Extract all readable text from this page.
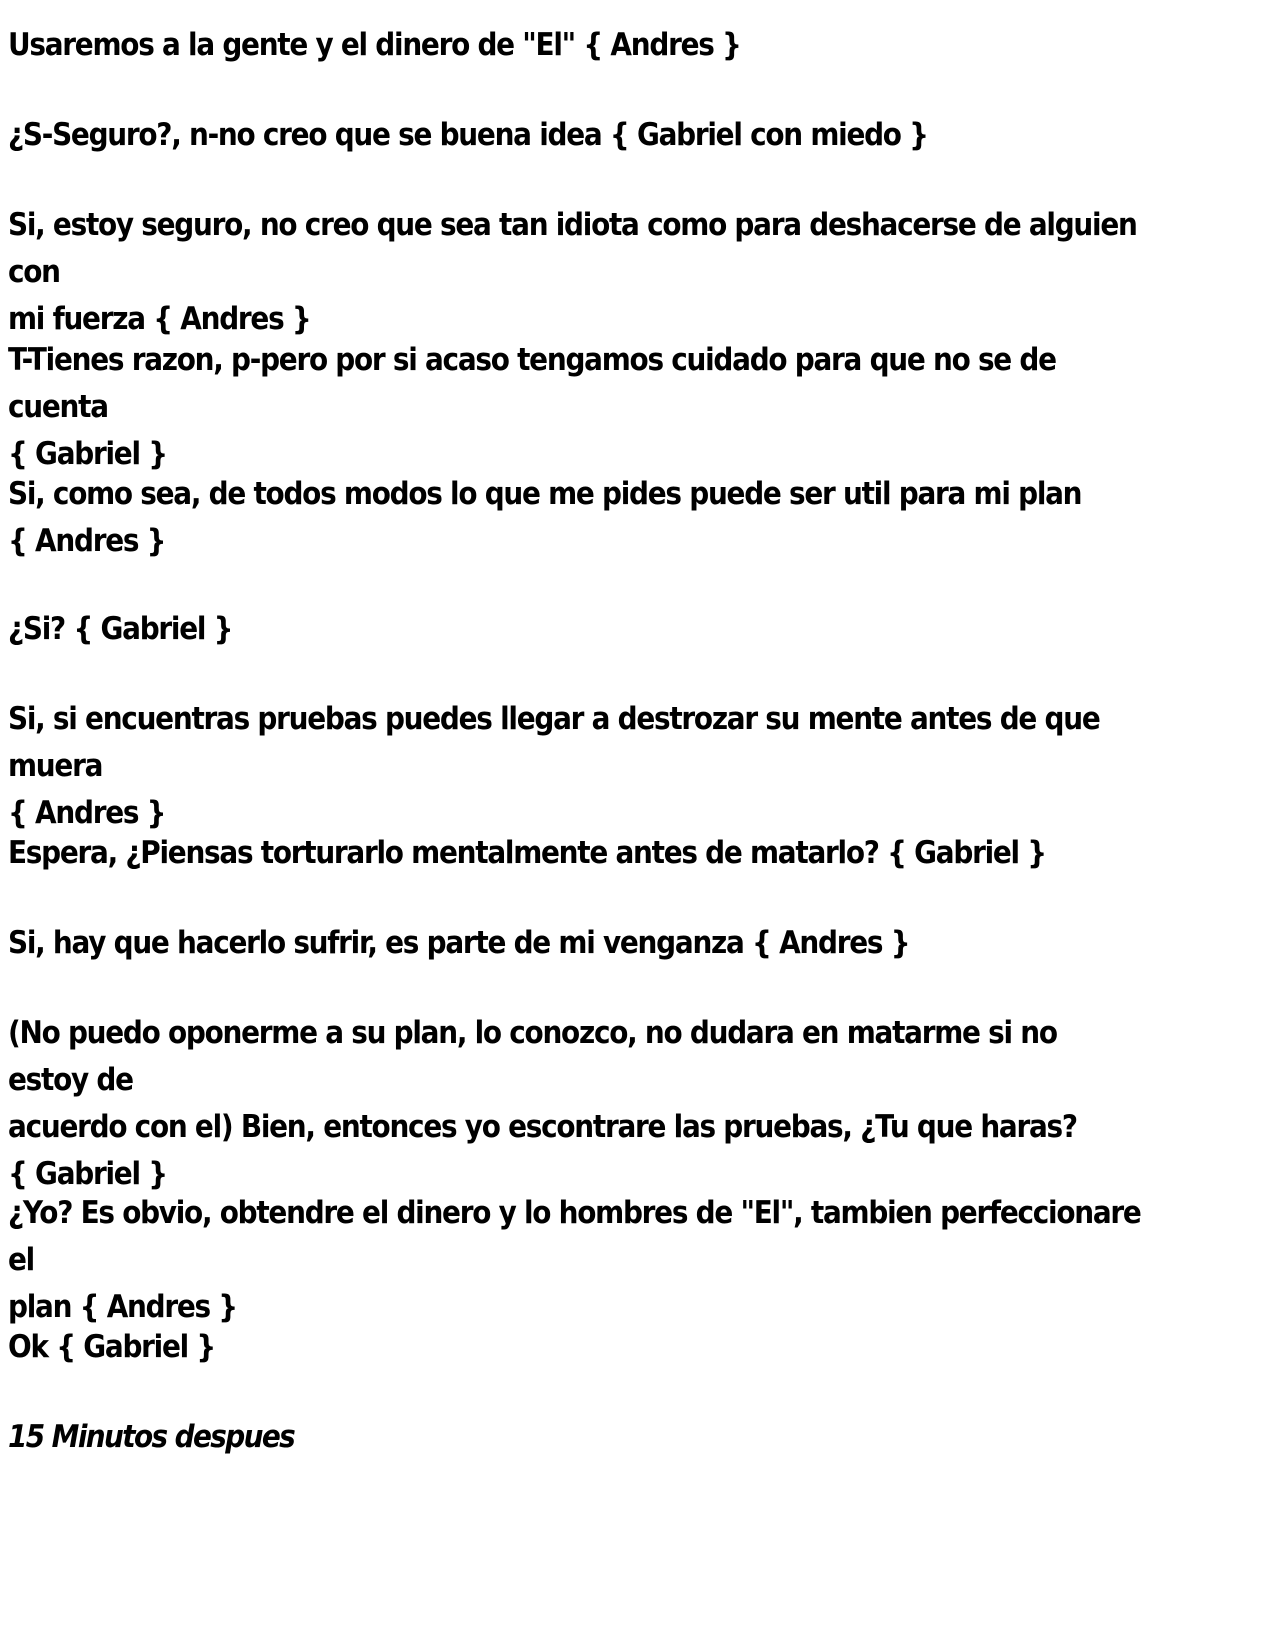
Usaremos a la gente y el dinero de "El" { Andres }

¿S-Seguro?, n-no creo que se buena idea { Gabriel con miedo }

Si, estoy seguro, no creo que sea tan idiota como para deshacerse de alguien con
mi fuerza { Andres }

T-Tienes razon, p-pero por si acaso tengamos cuidado para que no se de cuenta
{ Gabriel }

Si, como sea, de todos modos lo que me pides puede ser util para mi plan
{ Andres }

¿Si? { Gabriel }

Si, si encuentras pruebas puedes llegar a destrozar su mente antes de que muera
{ Andres }

Espera, ¿Piensas torturarlo mentalmente antes de matarlo? { Gabriel }

Si, hay que hacerlo sufrir, es parte de mi venganza { Andres }

(No puedo oponerme a su plan, lo conozco, no dudara en matarme si no estoy de
acuerdo con el) Bien, entonces yo escontrare las pruebas, ¿Tu que haras?
{ Gabriel }

¿Yo? Es obvio, obtendre el dinero y lo hombres de "El", tambien perfeccionare el
plan { Andres }

Ok { Gabriel }

15 Minutos despues
